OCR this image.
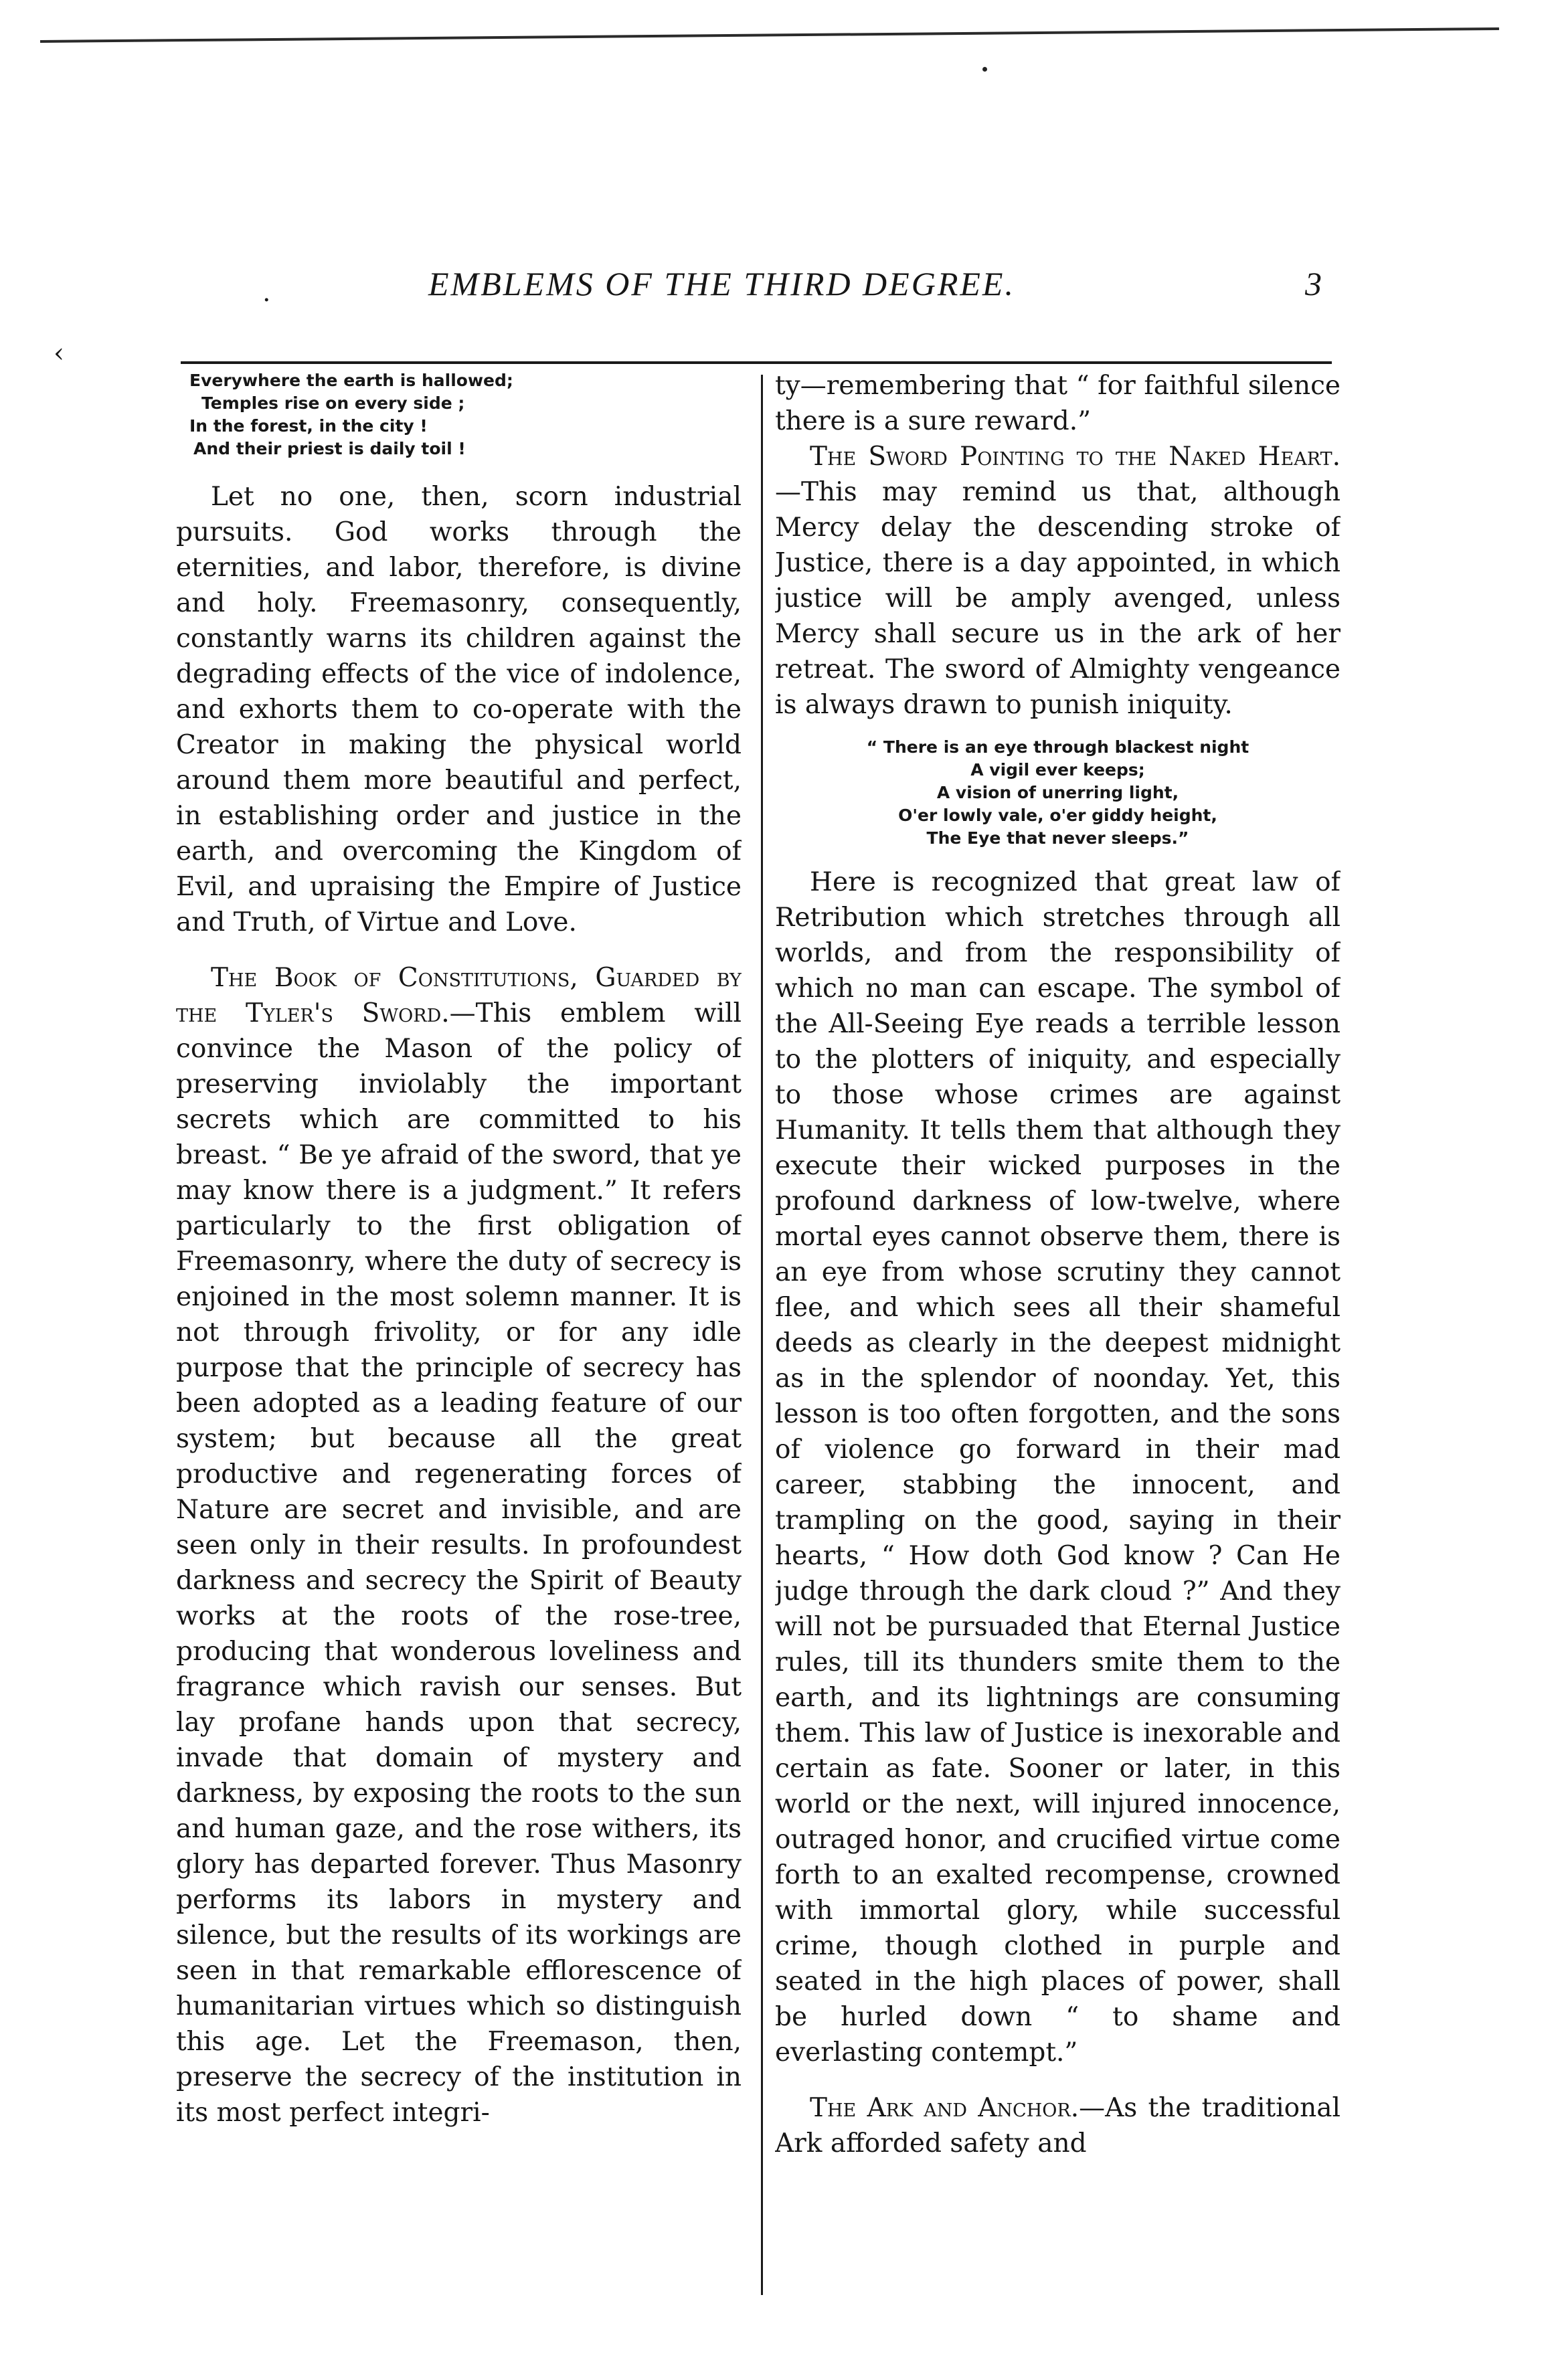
‹
.	EMBLEMS OF THE THIRD DEGREE.	3
Everywhere the earth is hallowed;
Temples rise on every side ;
In the forest, in the city !
And their priest is daily toil !

Let no one, then, scorn industrial pursuits. God works through the eternities, and labor, therefore, is divine and holy. Freemasonry, consequently, constantly warns its children against the degrading effects of the vice of indolence, and exhorts them to co-operate with the Creator in making the physical world around them more beautiful and perfect, in establishing order and justice in the earth, and overcoming the Kingdom of Evil, and upraising the Empire of Justice and Truth, of Virtue and Love.

The Book of Constitutions, Guarded by the Tyler's Sword.—This emblem will convince the Mason of the policy of preserving inviolably the important secrets which are committed to his breast. “ Be ye afraid of the sword, that ye may know there is a judgment.” It refers particularly to the first obligation of Freemasonry, where the duty of secrecy is enjoined in the most solemn manner. It is not through frivolity, or for any idle purpose that the principle of secrecy has been adopted as a leading feature of our system; but because all the great productive and regenerating forces of Nature are secret and invisible, and are seen only in their results. In profoundest darkness and secrecy the Spirit of Beauty works at the roots of the rose-tree, producing that wonderous loveliness and fragrance which ravish our senses. But lay profane hands upon that secrecy, invade that domain of mystery and darkness, by exposing the roots to the sun and human gaze, and the rose withers, its glory has departed forever. Thus Masonry performs its labors in mystery and silence, but the results of its workings are seen in that remarkable efflorescence of humanitarian virtues which so distinguish this age. Let the Freemason, then, preserve the secrecy of the institution in its most perfect integri-

ty—remembering that “ for faithful silence there is a sure reward.”

The Sword Pointing to the Naked Heart.—This may remind us that, although Mercy delay the descending stroke of Justice, there is a day appointed, in which justice will be amply avenged, unless Mercy shall secure us in the ark of her retreat. The sword of Almighty vengeance is always drawn to punish iniquity.

“ There is an eye through blackest night
A vigil ever keeps;
A vision of unerring light,
O'er lowly vale, o'er giddy height,
The Eye that never sleeps.”

Here is recognized that great law of Retribution which stretches through all worlds, and from the responsibility of which no man can escape. The symbol of the All-Seeing Eye reads a terrible lesson to the plotters of iniquity, and especially to those whose crimes are against Humanity. It tells them that although they execute their wicked purposes in the profound darkness of low-twelve, where mortal eyes cannot observe them, there is an eye from whose scrutiny they cannot flee, and which sees all their shameful deeds as clearly in the deepest midnight as in the splendor of noonday. Yet, this lesson is too often forgotten, and the sons of violence go forward in their mad career, stabbing the innocent, and trampling on the good, saying in their hearts, “ How doth God know ? Can He judge through the dark cloud ?” And they will not be pursuaded that Eternal Justice rules, till its thunders smite them to the earth, and its lightnings are consuming them. This law of Justice is inexorable and certain as fate. Sooner or later, in this world or the next, will injured innocence, outraged honor, and crucified virtue come forth to an exalted recompense, crowned with immortal glory, while successful crime, though clothed in purple and seated in the high places of power, shall be hurled down “ to shame and everlasting contempt.”

The Ark and Anchor.—As the traditional Ark afforded safety and
